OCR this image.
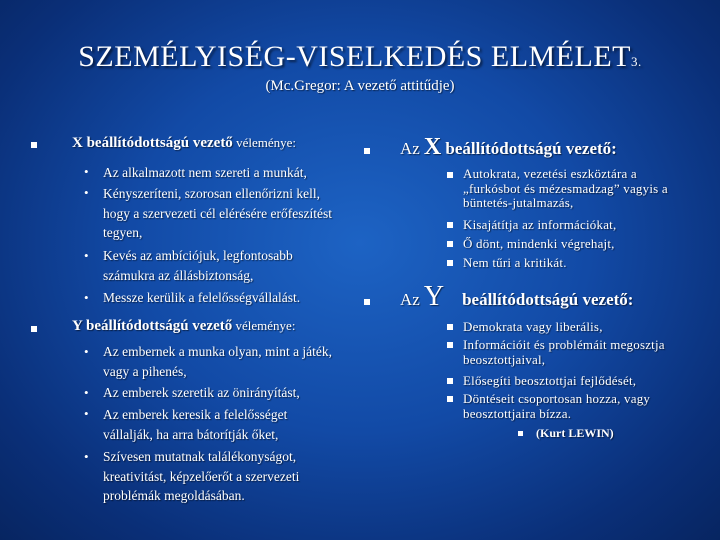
SZEMÉLYISÉG-VISELKEDÉS ELMÉLET3.
(Mc.Gregor: A vezető attitűdje)
X beállítódottságú vezető véleménye:
• Az alkalmazott nem szereti a munkát,
• Kényszeríteni, szorosan ellenőrizni kell, hogy a szervezeti cél elérésére erőfeszítést tegyen,
• Kevés az ambíciójuk, legfontosabb számukra az állásbiztonság,
• Messze kerülik a felelősségvállalást.
Y beállítódottságú vezető véleménye:
• Az embernek a munka olyan, mint a játék, vagy a pihenés,
• Az emberek szeretik az önirányítást,
• Az emberek keresik a felelősséget vállalják, ha arra bátorítják őket,
• Szívesen mutatnak találékonyságot, kreativitást, képzelőerőt a szervezeti problémák megoldásában.
Az X beállítódottságú vezető:
Autokrata, vezetési eszköztára a „furkósbot és mézesmadzag” vagyis a büntetés-jutalmazás,
Kisajátítja az információkat,
Ő dönt, mindenki végrehajt,
Nem tűri a kritikát.
Az Y beállítódottságú vezető:
Demokrata vagy liberális,
Információit és problémáit megosztja beosztottjaival,
Elősegíti beosztottjai fejlődését,
Döntéseit csoportosan hozza, vagy beosztottjaira bízza.
(Kurt LEWIN)
